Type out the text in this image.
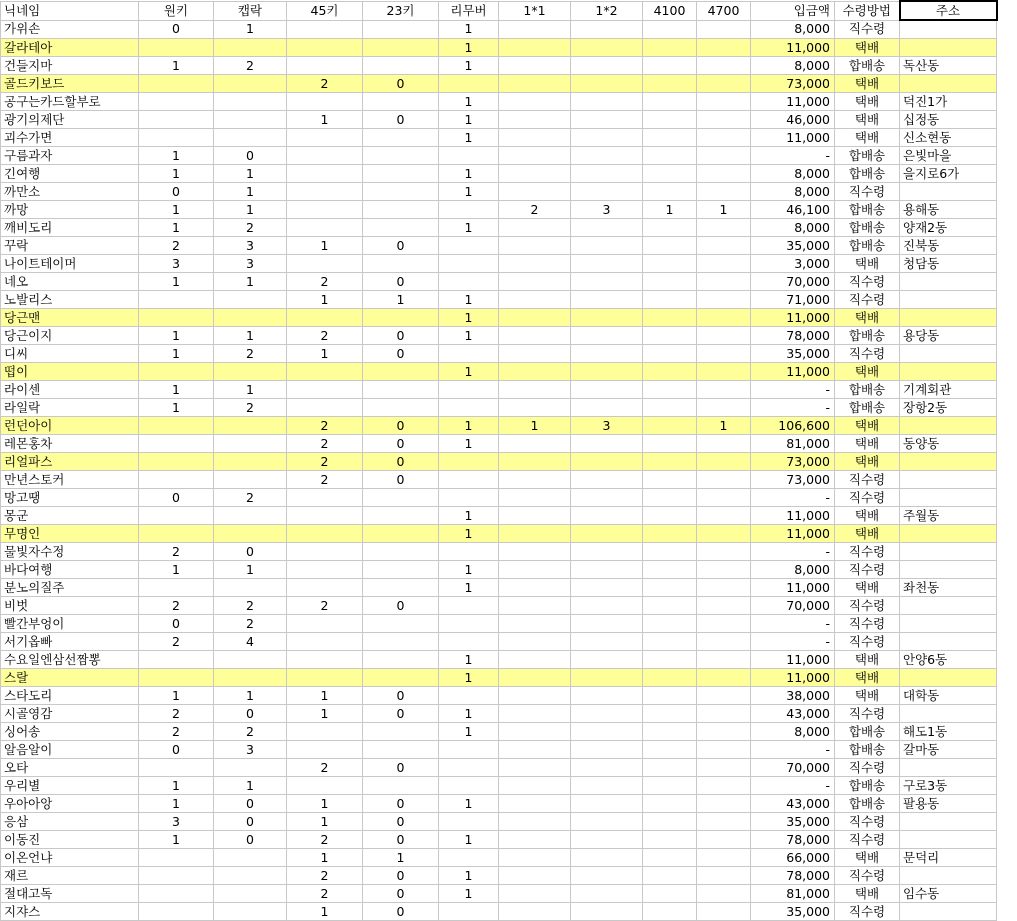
닉네임	원키	캡락	45키	23키	리무버	1*1	1*2	4100	4700	입금액	수령방법	주소
가위손	0	1			1					8,000	직수령	
갈라테아					1					11,000	택배	
건들지마	1	2			1					8,000	합배송	독산동
골드키보드			2	0						73,000	택배	
공구는카드할부로					1					11,000	택배	덕진1가
광기의제단			1	0	1					46,000	택배	십정동
괴수가면					1					11,000	택배	신소현동
구름과자	1	0								-	합배송	은빛마을
긴여행	1	1			1					8,000	합배송	을지로6가
까만소	0	1			1					8,000	직수령	
까망	1	1				2	3	1	1	46,100	합배송	용해동
깨비도리	1	2			1					8,000	합배송	양재2동
꾸락	2	3	1	0						35,000	합배송	진북동
나이트테이머	3	3								3,000	택배	청담동
네오	1	1	2	0						70,000	직수령	
노발리스			1	1	1					71,000	직수령	
당근맨					1					11,000	택배	
당근이지	1	1	2	0	1					78,000	합배송	용당동
디씨	1	2	1	0						35,000	직수령	
떱이					1					11,000	택배	
라이센	1	1								-	합배송	기계회관
라일락	1	2								-	합배송	장항2동
런던아이			2	0	1	1	3		1	106,600	택배	
레몬홍차			2	0	1					81,000	택배	동양동
리얼파스			2	0						73,000	택배	
만년스토커			2	0						73,000	직수령	
망고땡	0	2								-	직수령	
몽군					1					11,000	택배	주월동
무명인					1					11,000	택배	
물빛자수정	2	0								-	직수령	
바다여행	1	1			1					8,000	직수령	
분노의질주					1					11,000	택배	좌천동
비벗	2	2	2	0						70,000	직수령	
빨간부엉이	0	2								-	직수령	
서기옵빠	2	4								-	직수령	
수요일엔삼선짬뽕					1					11,000	택배	안양6동
스랄					1					11,000	택배	
스타도리	1	1	1	0						38,000	택배	대학동
시골영감	2	0	1	0	1					43,000	직수령	
싱어송	2	2			1					8,000	합배송	해도1동
알음알이	0	3								-	합배송	갈마동
오타			2	0						70,000	직수령	
우리별	1	1								-	합배송	구로3동
우아아앙	1	0	1	0	1					43,000	합배송	팔용동
응삼	3	0	1	0						35,000	직수령	
이동진	1	0	2	0	1					78,000	직수령	
이온언냐			1	1						66,000	택배	문덕리
재르			2	0	1					78,000	직수령	
절대고독			2	0	1					81,000	택배	임수동
지쟈스			1	0						35,000	직수령	
